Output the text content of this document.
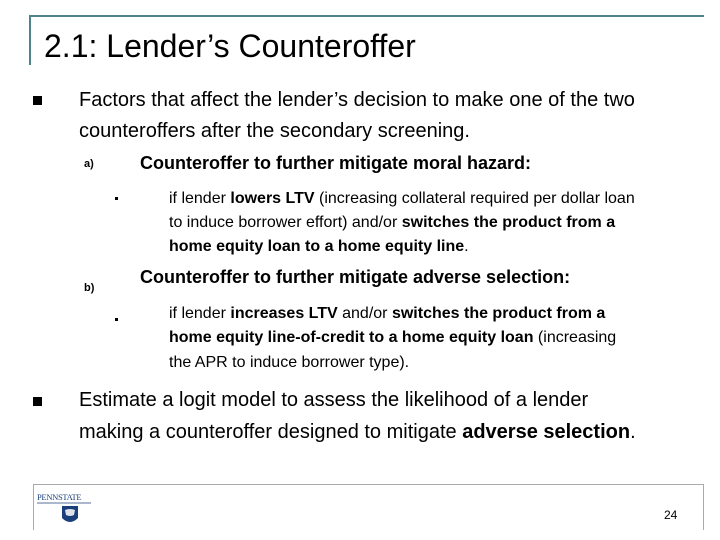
2.1: Lender’s Counteroffer
Factors that affect the lender’s decision to make one of the two
counteroffers after the secondary screening.
a)	Counteroffer to further mitigate moral hazard:
if lender lowers LTV (increasing collateral required per dollar loan
to induce borrower effort) and/or switches the product from a
home equity loan to a home equity line.
b)
Counteroffer to further mitigate adverse selection:
if lender increases LTV and/or switches the product from a
home equity line-of-credit to a home equity loan (increasing
the APR to induce borrower type).
Estimate a logit model to assess the likelihood of a lender
making a counteroffer designed to mitigate adverse selection.
PENNSTATE
24
